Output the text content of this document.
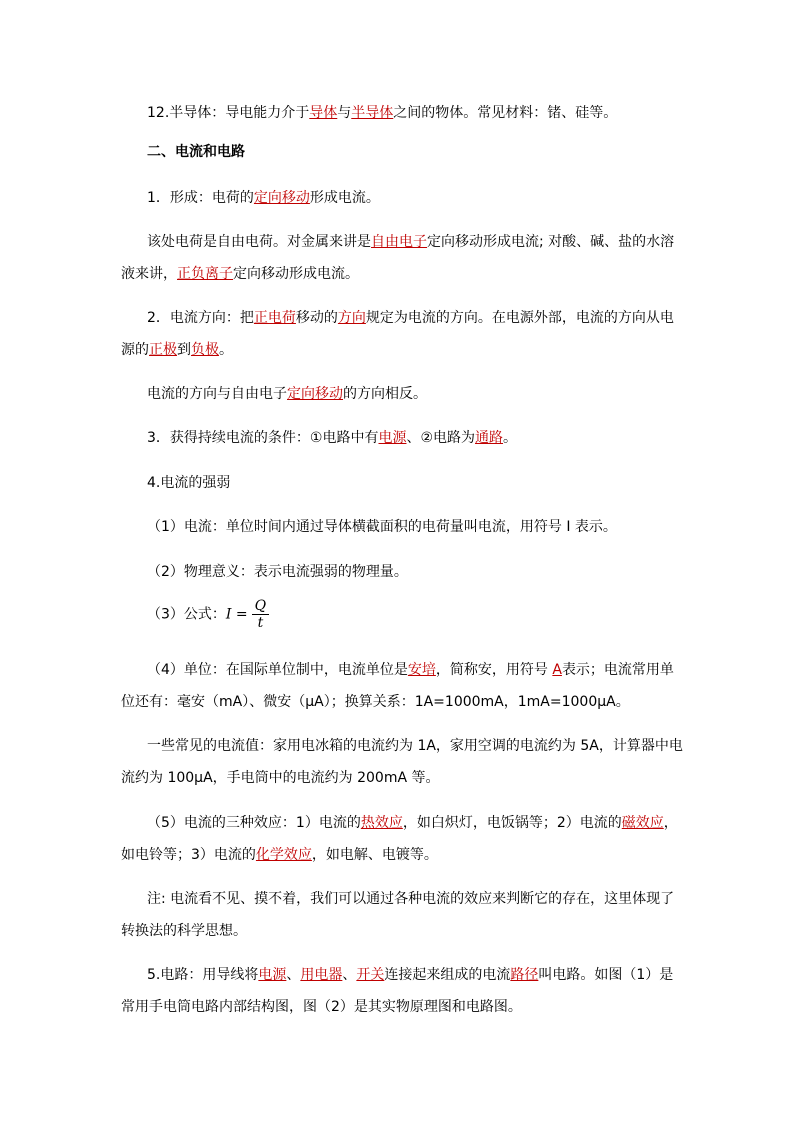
12.半导体：导电能力介于导体与半导体之间的物体。常见材料：锗、硅等。
二、电流和电路
1．形成：电荷的定向移动形成电流。
该处电荷是自由电荷。对金属来讲是自由电子定向移动形成电流; 对酸、碱、盐的水溶
液来讲，正负离子定向移动形成电流。
2．电流方向：把正电荷移动的方向规定为电流的方向。在电源外部，电流的方向从电
源的正极到负极。
电流的方向与自由电子定向移动的方向相反。
3．获得持续电流的条件：①电路中有电源、②电路为通路。
4.电流的强弱
（1）电流：单位时间内通过导体横截面积的电荷量叫电流，用符号 I 表示。
（2）物理意义：表示电流强弱的物理量。
（3）公式：$I = \frac{Q}{t}$
（4）单位：在国际单位制中，电流单位是安培，简称安，用符号 A表示；电流常用单
位还有：毫安（mA）、微安（μA）；换算关系：1A=1000mA，1mA=1000μA。
一些常见的电流值：家用电冰箱的电流约为 1A，家用空调的电流约为 5A，计算器中电
流约为 100μA，手电筒中的电流约为 200mA 等。
（5）电流的三种效应：1）电流的热效应，如白炽灯，电饭锅等；2）电流的磁效应，
如电铃等；3）电流的化学效应，如电解、电镀等。
注: 电流看不见、摸不着，我们可以通过各种电流的效应来判断它的存在，这里体现了
转换法的科学思想。
5.电路：用导线将电源、用电器、开关连接起来组成的电流路径叫电路。如图（1）是
常用手电筒电路内部结构图，图（2）是其实物原理图和电路图。
